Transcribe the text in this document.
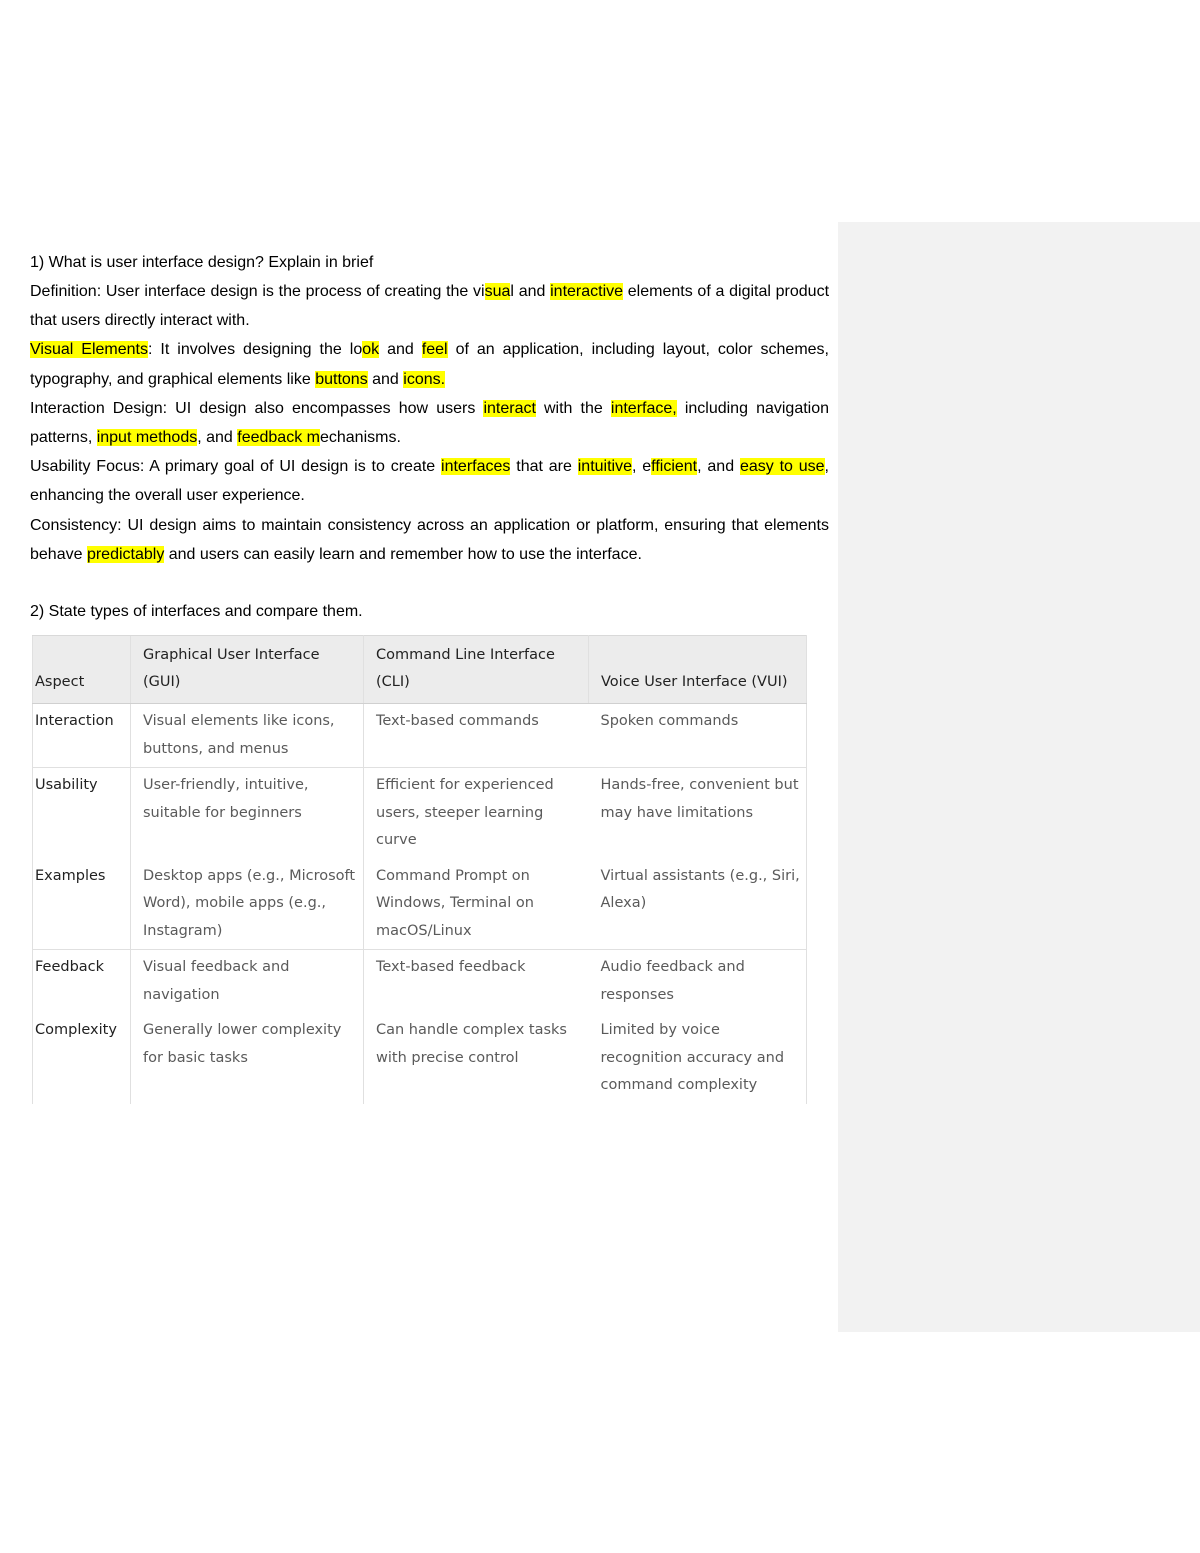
1) What is user interface design? Explain in brief

Definition: User interface design is the process of creating the visual and interactive elements of a digital product that users directly interact with.

Visual Elements: It involves designing the look and feel of an application, including layout, color schemes, typography, and graphical elements like buttons and icons.

Interaction Design: UI design also encompasses how users interact with the interface, including navigation patterns, input methods, and feedback mechanisms.

Usability Focus: A primary goal of UI design is to create interfaces that are intuitive, efficient, and easy to use, enhancing the overall user experience.

Consistency: UI design aims to maintain consistency across an application or platform, ensuring that elements behave predictably and users can easily learn and remember how to use the interface.

2) State types of interfaces and compare them.

Aspect	Graphical User Interface (GUI)	Command Line Interface (CLI)	Voice User Interface (VUI)
Interaction	Visual elements like icons, buttons, and menus	Text-based commands	Spoken commands
Usability	User-friendly, intuitive, suitable for beginners	Efficient for experienced users, steeper learning curve	Hands-free, convenient but may have limitations
Examples	Desktop apps (e.g., Microsoft Word), mobile apps (e.g., Instagram)	Command Prompt on Windows, Terminal on macOS/Linux	Virtual assistants (e.g., Siri, Alexa)
Feedback	Visual feedback and navigation	Text-based feedback	Audio feedback and responses
Complexity	Generally lower complexity for basic tasks	Can handle complex tasks with precise control	Limited by voice recognition accuracy and command complexity
